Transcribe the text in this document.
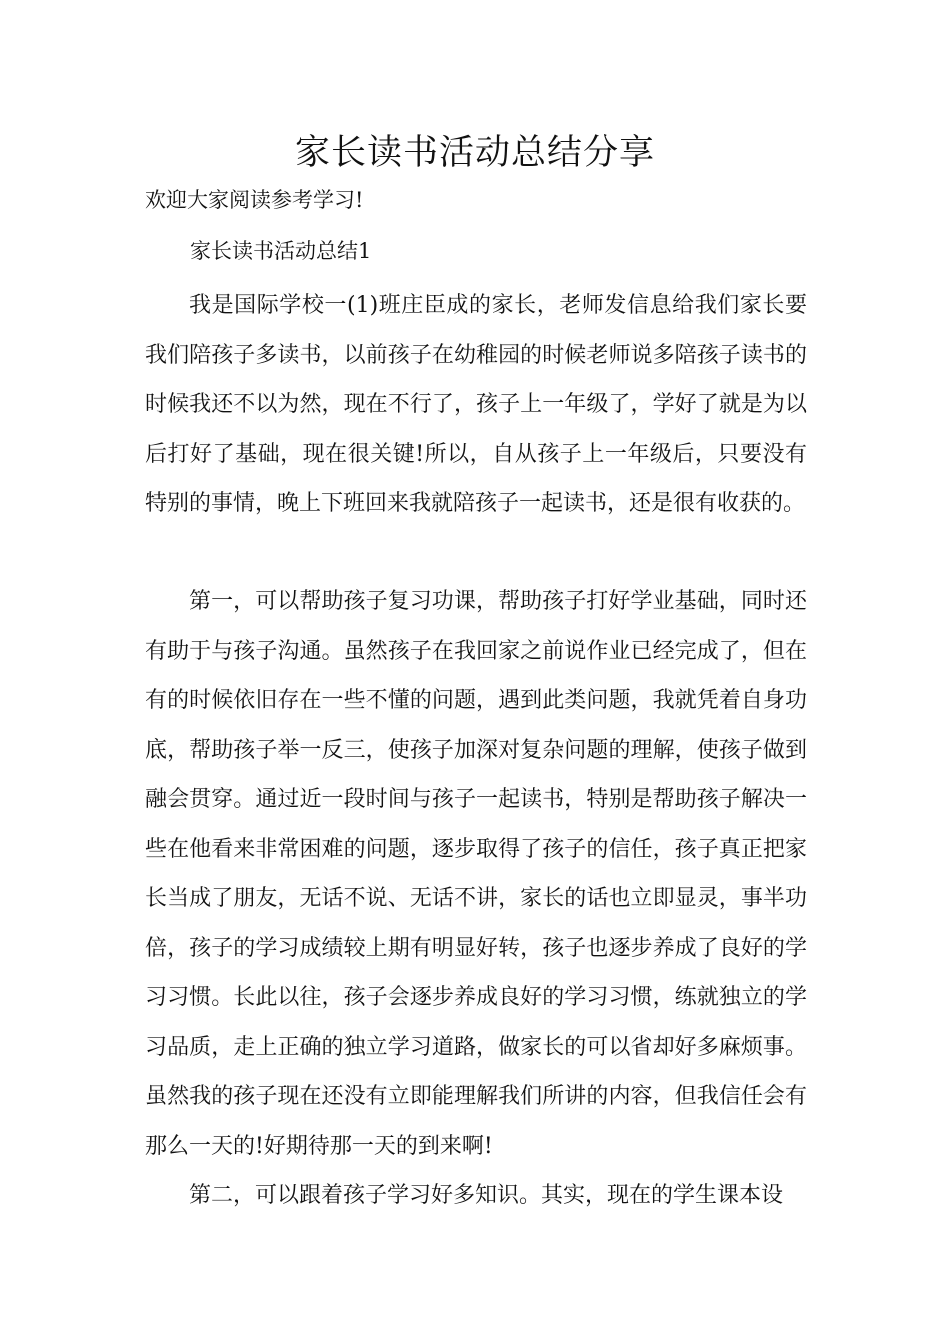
家长读书活动总结分享

欢迎大家阅读参考学习!

家长读书活动总结1

我是国际学校一(1)班庄臣成的家长，老师发信息给我们家长要我们陪孩子多读书，以前孩子在幼稚园的时候老师说多陪孩子读书的时候我还不以为然，现在不行了，孩子上一年级了，学好了就是为以后打好了基础，现在很关键!所以，自从孩子上一年级后，只要没有特别的事情，晚上下班回来我就陪孩子一起读书，还是很有收获的。

第一，可以帮助孩子复习功课，帮助孩子打好学业基础，同时还有助于与孩子沟通。虽然孩子在我回家之前说作业已经完成了，但在有的时候依旧存在一些不懂的问题，遇到此类问题，我就凭着自身功底，帮助孩子举一反三，使孩子加深对复杂问题的理解，使孩子做到融会贯穿。通过近一段时间与孩子一起读书，特别是帮助孩子解决一些在他看来非常困难的问题，逐步取得了孩子的信任，孩子真正把家长当成了朋友，无话不说、无话不讲，家长的话也立即显灵，事半功倍，孩子的学习成绩较上期有明显好转，孩子也逐步养成了良好的学习习惯。长此以往，孩子会逐步养成良好的学习习惯，练就独立的学习品质，走上正确的独立学习道路，做家长的可以省却好多麻烦事。虽然我的孩子现在还没有立即能理解我们所讲的内容，但我信任会有那么一天的!好期待那一天的到来啊!

第二，可以跟着孩子学习好多知识。其实，现在的学生课本设
